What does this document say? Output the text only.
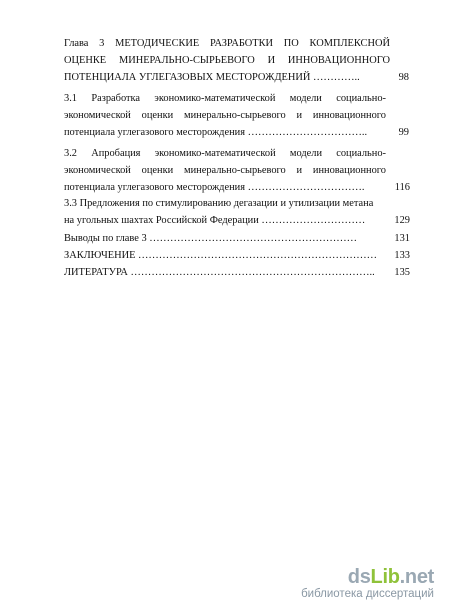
Глава 3 МЕТОДИЧЕСКИЕ РАЗРАБОТКИ ПО КОМПЛЕКСНОЙ
ОЦЕНКЕ МИНЕРАЛЬНО-СЫРЬЕВОГО И ИННОВАЦИОННОГО
ПОТЕНЦИАЛА УГЛЕГАЗОВЫХ МЕСТОРОЖДЕНИЙ …………..	98
3.1 Разработка экономико-математической модели социально-
экономической оценки минерально-сырьевого и инновационного
потенциала углегазового месторождения ……………………………..	99
3.2 Апробация экономико-математической модели социально-
экономической оценки минерально-сырьевого и инновационного
потенциала углегазового месторождения …………………………….	116
3.3 Предложения по стимулированию дегазации и утилизации метана
на угольных шахтах Российской Федерации …………………………	129
Выводы по главе 3 ……………………………………………………	131
ЗАКЛЮЧЕНИЕ ……………………………………………………………	133
ЛИТЕРАТУРА ……………………………………………………………..	135
dsLib.net
библиотека диссертаций
